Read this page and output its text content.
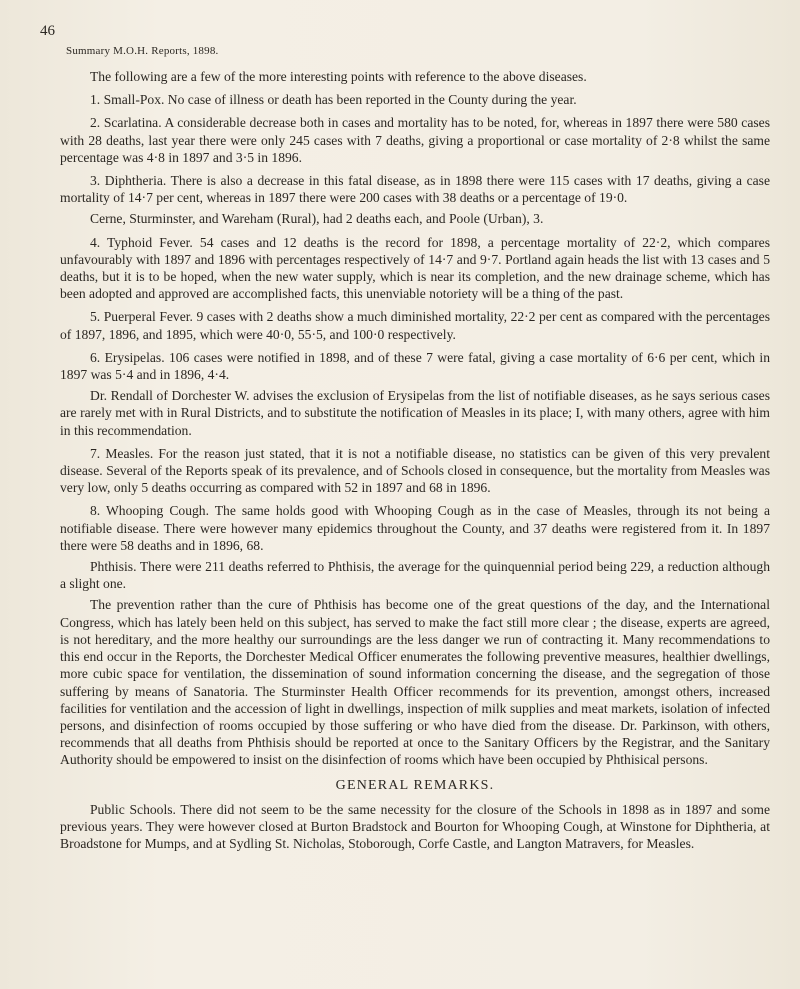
46
Summary M.O.H. Reports, 1898.

The following are a few of the more interesting points with reference to the above diseases.

1. Small-Pox. No case of illness or death has been reported in the County during the year.

2. Scarlatina. A considerable decrease both in cases and mortality has to be noted, for, whereas in 1897 there were 580 cases with 28 deaths, last year there were only 245 cases with 7 deaths, giving a proportional or case mortality of 2·8 whilst the same percentage was 4·8 in 1897 and 3·5 in 1896.

3. Diphtheria. There is also a decrease in this fatal disease, as in 1898 there were 115 cases with 17 deaths, giving a case mortality of 14·7 per cent, whereas in 1897 there were 200 cases with 38 deaths or a percentage of 19·0.

Cerne, Sturminster, and Wareham (Rural), had 2 deaths each, and Poole (Urban), 3.

4. Typhoid Fever. 54 cases and 12 deaths is the record for 1898, a percentage mortality of 22·2, which compares unfavourably with 1897 and 1896 with percentages respectively of 14·7 and 9·7. Portland again heads the list with 13 cases and 5 deaths, but it is to be hoped, when the new water supply, which is near its completion, and the new drainage scheme, which has been adopted and approved are accomplished facts, this unenviable notoriety will be a thing of the past.

5. Puerperal Fever. 9 cases with 2 deaths show a much diminished mortality, 22·2 per cent as compared with the percentages of 1897, 1896, and 1895, which were 40·0, 55·5, and 100·0 respectively.

6. Erysipelas. 106 cases were notified in 1898, and of these 7 were fatal, giving a case mortality of 6·6 per cent, which in 1897 was 5·4 and in 1896, 4·4.

Dr. Rendall of Dorchester W. advises the exclusion of Erysipelas from the list of notifiable diseases, as he says serious cases are rarely met with in Rural Districts, and to substitute the notification of Measles in its place; I, with many others, agree with him in this recommendation.

7. Measles. For the reason just stated, that it is not a notifiable disease, no statistics can be given of this very prevalent disease. Several of the Reports speak of its prevalence, and of Schools closed in consequence, but the mortality from Measles was very low, only 5 deaths occurring as compared with 52 in 1897 and 68 in 1896.

8. Whooping Cough. The same holds good with Whooping Cough as in the case of Measles, through its not being a notifiable disease. There were however many epidemics throughout the County, and 37 deaths were registered from it. In 1897 there were 58 deaths and in 1896, 68.

Phthisis. There were 211 deaths referred to Phthisis, the average for the quinquennial period being 229, a reduction although a slight one.

The prevention rather than the cure of Phthisis has become one of the great questions of the day, and the International Congress, which has lately been held on this subject, has served to make the fact still more clear ; the disease, experts are agreed, is not hereditary, and the more healthy our surroundings are the less danger we run of contracting it. Many recommendations to this end occur in the Reports, the Dorchester Medical Officer enumerates the following preventive measures, healthier dwellings, more cubic space for ventilation, the dissemination of sound information concerning the disease, and the segregation of those suffering by means of Sanatoria. The Sturminster Health Officer recommends for its prevention, amongst others, increased facilities for ventilation and the accession of light in dwellings, inspection of milk supplies and meat markets, isolation of infected persons, and disinfection of rooms occupied by those suffering or who have died from the disease. Dr. Parkinson, with others, recommends that all deaths from Phthisis should be reported at once to the Sanitary Officers by the Registrar, and the Sanitary Authority should be empowered to insist on the disinfection of rooms which have been occupied by Phthisical persons.

GENERAL REMARKS.

Public Schools. There did not seem to be the same necessity for the closure of the Schools in 1898 as in 1897 and some previous years. They were however closed at Burton Bradstock and Bourton for Whooping Cough, at Winstone for Diphtheria, at Broadstone for Mumps, and at Sydling St. Nicholas, Stoborough, Corfe Castle, and Langton Matravers, for Measles.
